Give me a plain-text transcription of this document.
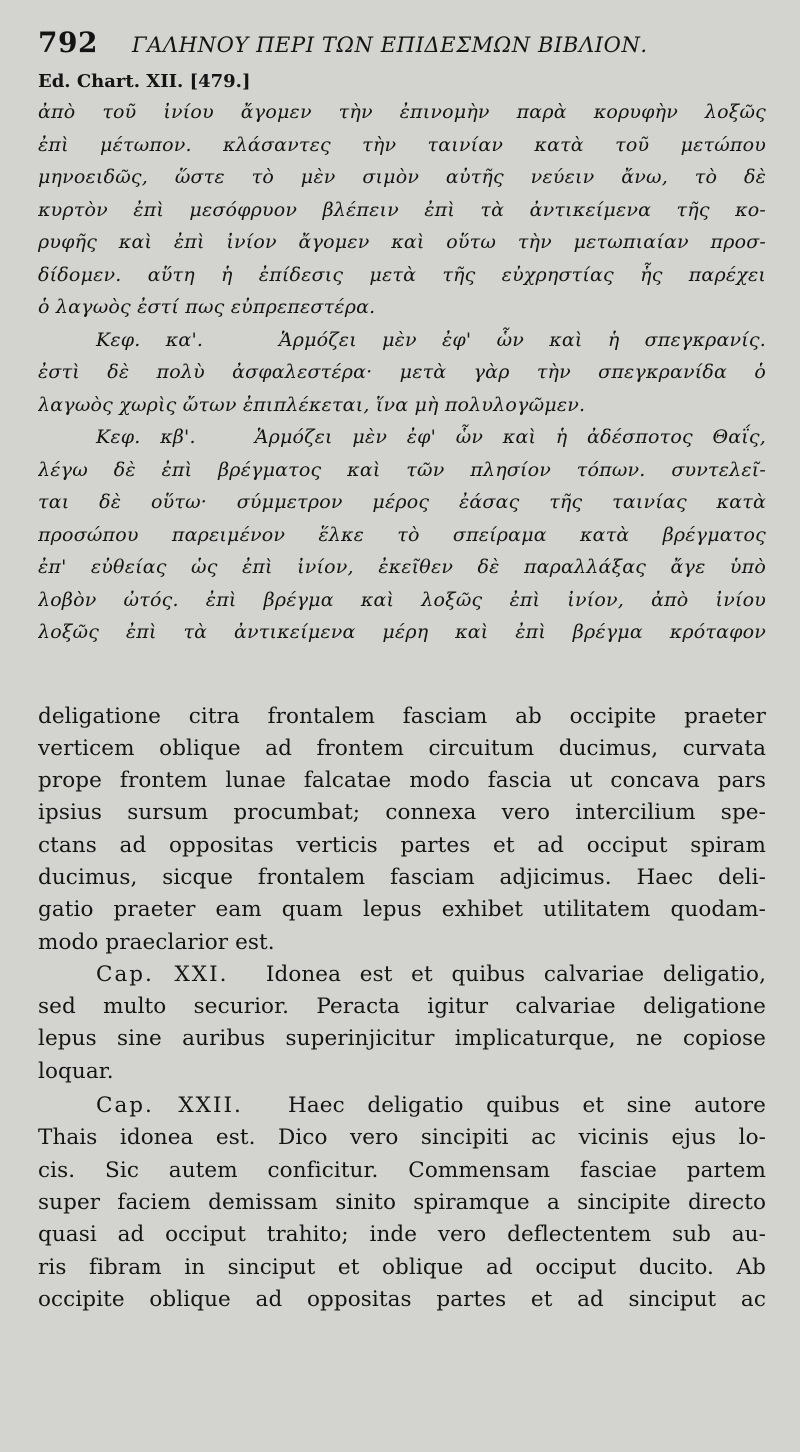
792	ΓΑΛΗΝΟΥ ΠΕΡΙ ΤΩΝ ΕΠΙΔΕΣΜΩΝ ΒΙΒΛΙΟΝ.
Ed. Chart. XII. [479.]
ἀπὸ τοῦ ἰνίου ἄγομεν τὴν ἐπινομὴν παρὰ κορυφὴν λοξῶς
ἐπὶ μέτωπον. κλάσαντες τὴν ταινίαν κατὰ τοῦ μετώπου
μηνοειδῶς, ὥστε τὸ μὲν σιμὸν αὐτῆς νεύειν ἄνω, τὸ δὲ
κυρτὸν ἐπὶ μεσόφρυον βλέπειν ἐπὶ τὰ ἀντικείμενα τῆς κο-
ρυφῆς καὶ ἐπὶ ἰνίον ἄγομεν καὶ οὕτω τὴν μετωπιαίαν προσ-
δίδομεν. αὕτη ἡ ἐπίδεσις μετὰ τῆς εὐχρηστίας ἧς παρέχει
ὁ λαγωὸς ἐστί πως εὐπρεπεστέρα.
Κεφ. κα'.	Ἁρμόζει μὲν ἐφ' ὧν καὶ ἡ σπεγκρανίς.
ἐστὶ δὲ πολὺ ἀσφαλεστέρα· μετὰ γὰρ τὴν σπεγκρανίδα ὁ
λαγωὸς χωρὶς ὤτων ἐπιπλέκεται, ἵνα μὴ πολυλογῶμεν.
Κεφ. κβ'.	Ἁρμόζει μὲν ἐφ' ὧν καὶ ἡ ἀδέσποτος Θαΐς,
λέγω δὲ ἐπὶ βρέγματος καὶ τῶν πλησίον τόπων. συντελεῖ-
ται δὲ οὕτω· σύμμετρον μέρος ἐάσας τῆς ταινίας κατὰ
προσώπου παρειμένον ἕλκε τὸ σπείραμα κατὰ βρέγματος
ἐπ' εὐθείας ὡς ἐπὶ ἰνίον, ἐκεῖθεν δὲ παραλλάξας ἄγε ὑπὸ
λοβὸν ὠτός. ἐπὶ βρέγμα καὶ λοξῶς ἐπὶ ἰνίον, ἀπὸ ἰνίου
λοξῶς ἐπὶ τὰ ἀντικείμενα μέρη καὶ ἐπὶ βρέγμα κρόταφον
deligatione citra frontalem fasciam ab occipite praeter
verticem oblique ad frontem circuitum ducimus, curvata
prope frontem lunae falcatae modo fascia ut concava pars
ipsius sursum procumbat; connexa vero intercilium spe-
ctans ad oppositas verticis partes et ad occiput spiram
ducimus, sicque frontalem fasciam adjicimus. Haec deli-
gatio praeter eam quam lepus exhibet utilitatem quodam-
modo praeclarior est.
Cap. XXI. Idonea est et quibus calvariae deligatio,
sed multo securior. Peracta igitur calvariae deligatione
lepus sine auribus superinjicitur implicaturque, ne copiose
loquar.
Cap. XXII. Haec deligatio quibus et sine autore
Thais idonea est. Dico vero sincipiti ac vicinis ejus lo-
cis. Sic autem conficitur. Commensam fasciae partem
super faciem demissam sinito spiramque a sincipite directo
quasi ad occiput trahito; inde vero deflectentem sub au-
ris fibram in sinciput et oblique ad occiput ducito. Ab
occipite oblique ad oppositas partes et ad sinciput ac
